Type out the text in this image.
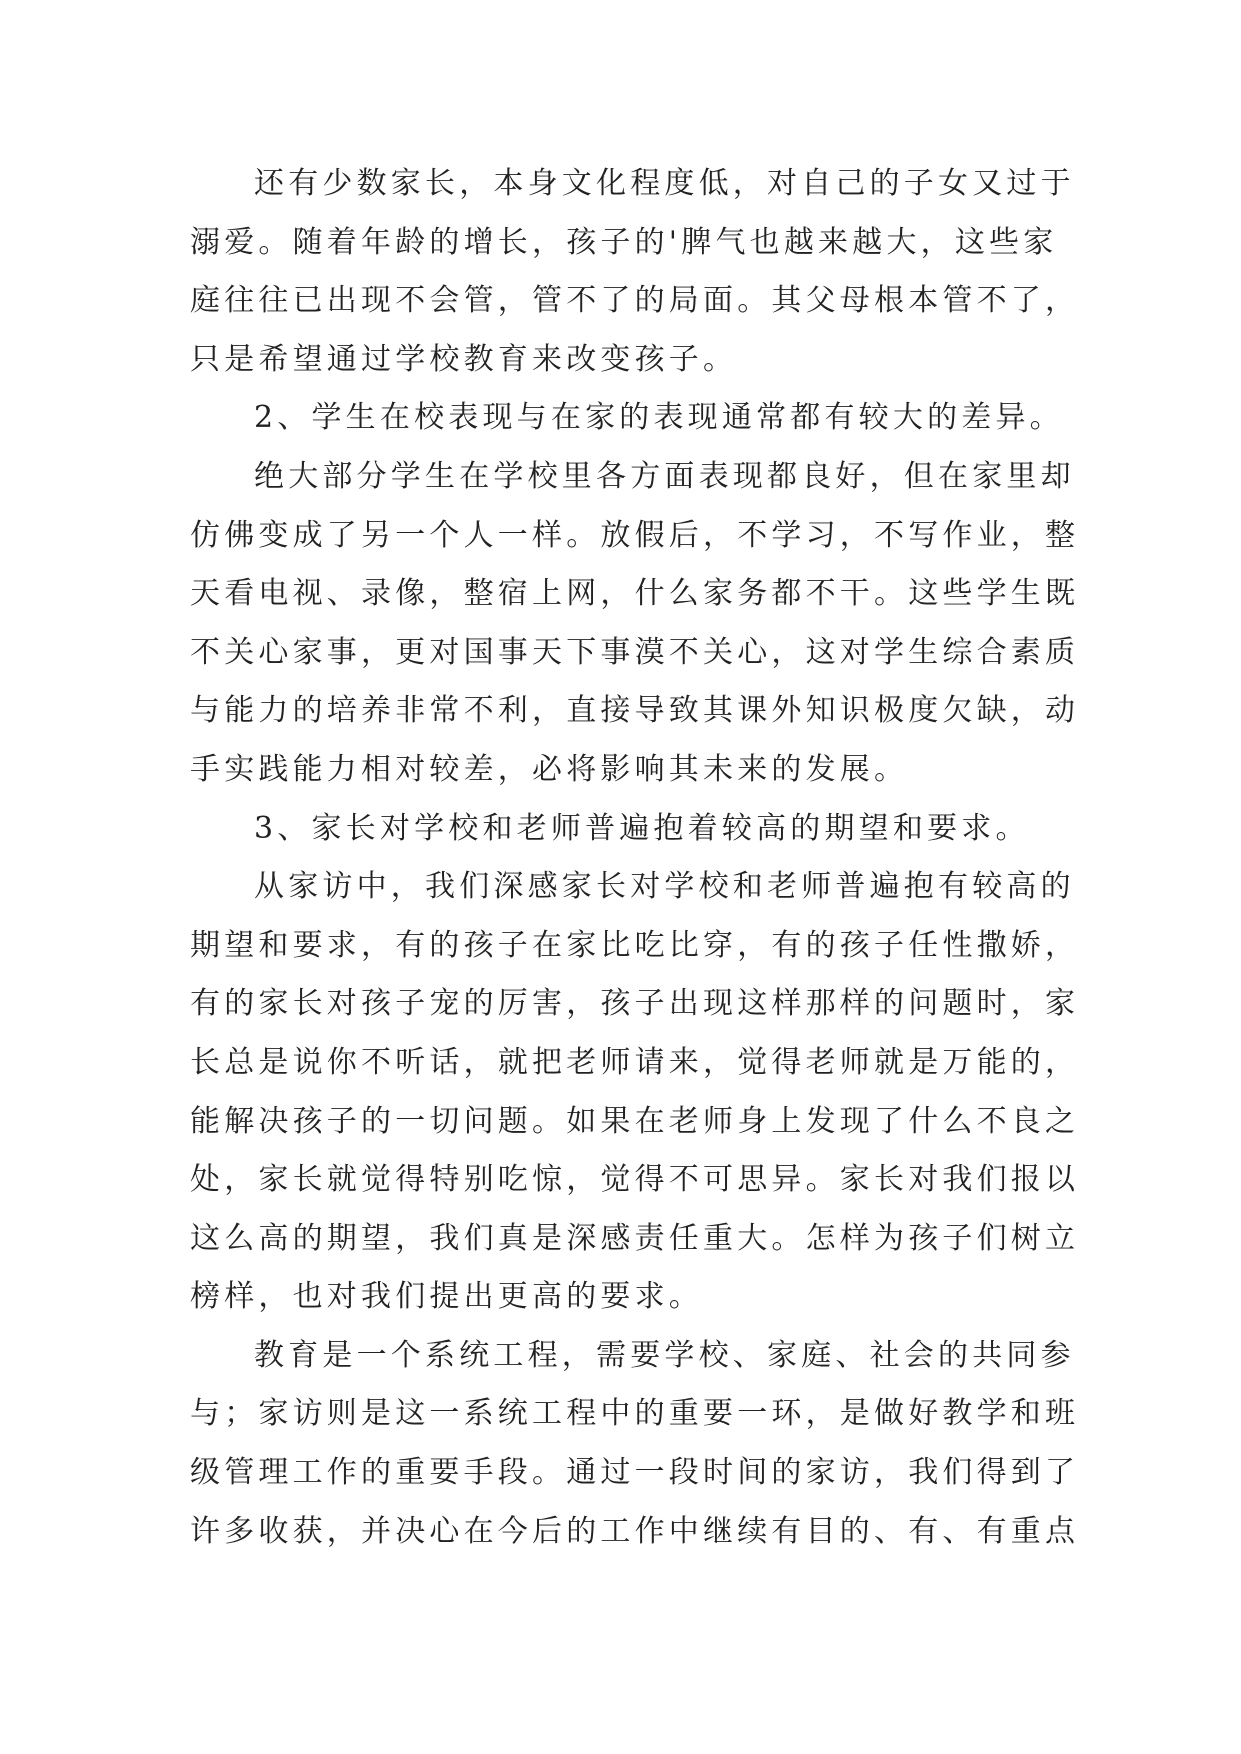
还有少数家长，本身文化程度低，对自己的子女又过于
溺爱。随着年龄的增长，孩子的'脾气也越来越大，这些家
庭往往已出现不会管，管不了的局面。其父母根本管不了，
只是希望通过学校教育来改变孩子。
2、学生在校表现与在家的表现通常都有较大的差异。
绝大部分学生在学校里各方面表现都良好，但在家里却
仿佛变成了另一个人一样。放假后，不学习，不写作业，整
天看电视、录像，整宿上网，什么家务都不干。这些学生既
不关心家事，更对国事天下事漠不关心，这对学生综合素质
与能力的培养非常不利，直接导致其课外知识极度欠缺，动
手实践能力相对较差，必将影响其未来的发展。
3、家长对学校和老师普遍抱着较高的期望和要求。
从家访中，我们深感家长对学校和老师普遍抱有较高的
期望和要求，有的孩子在家比吃比穿，有的孩子任性撒娇，
有的家长对孩子宠的厉害，孩子出现这样那样的问题时，家
长总是说你不听话，就把老师请来，觉得老师就是万能的，
能解决孩子的一切问题。如果在老师身上发现了什么不良之
处，家长就觉得特别吃惊，觉得不可思异。家长对我们报以
这么高的期望，我们真是深感责任重大。怎样为孩子们树立
榜样，也对我们提出更高的要求。
教育是一个系统工程，需要学校、家庭、社会的共同参
与；家访则是这一系统工程中的重要一环，是做好教学和班
级管理工作的重要手段。通过一段时间的家访，我们得到了
许多收获，并决心在今后的工作中继续有目的、有、有重点
